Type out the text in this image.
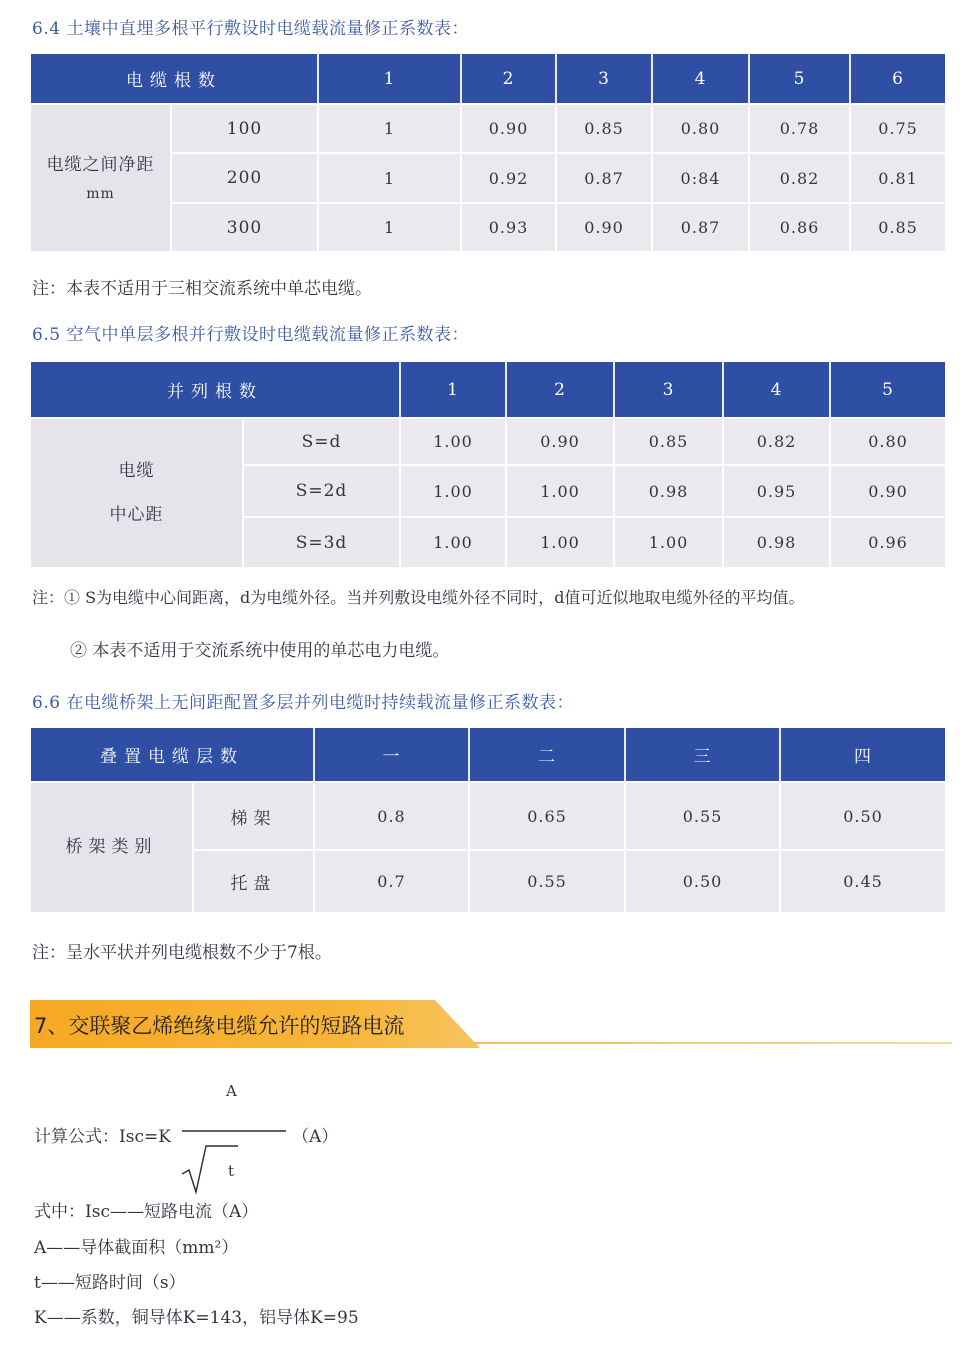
6.4 土壤中直埋多根平行敷设时电缆载流量修正系数表：
电缆根数		1	2	3	4	5	6

电缆之间净距
mm	100	1	0.90	0.85	0.80	0.78	0.75
	200	1	0.92	0.87	0:84	0.82	0.81
	300	1	0.93	0.90	0.87	0.86	0.85
注：本表不适用于三相交流系统中单芯电缆。
6.5 空气中单层多根并行敷设时电缆载流量修正系数表：
并列根数		1	2	3	4	5

电缆
中心距	S=d	1.00	0.90	0.85	0.82	0.80
	S=2d	1.00	1.00	0.98	0.95	0.90
	S=3d	1.00	1.00	1.00	0.98	0.96
注：① S为电缆中心间距离，d为电缆外径。当并列敷设电缆外径不同时，d值可近似地取电缆外径的平均值。
② 本表不适用于交流系统中使用的单芯电力电缆。
6.6 在电缆桥架上无间距配置多层并列电缆时持续载流量修正系数表：
叠置电缆层数		一	二	三	四
桥架类别	梯架	0.8	0.65	0.55	0.50
	托盘	0.7	0.55	0.50	0.45
注：呈水平状并列电缆根数不少于7根。
7、交联聚乙烯绝缘电缆允许的短路电流
A
计算公式：Isc=K
t
（A）
式中：Isc——短路电流（A）
A——导体截面积（mm²）
t——短路时间（s）
K——系数，铜导体K=143，铝导体K=95
